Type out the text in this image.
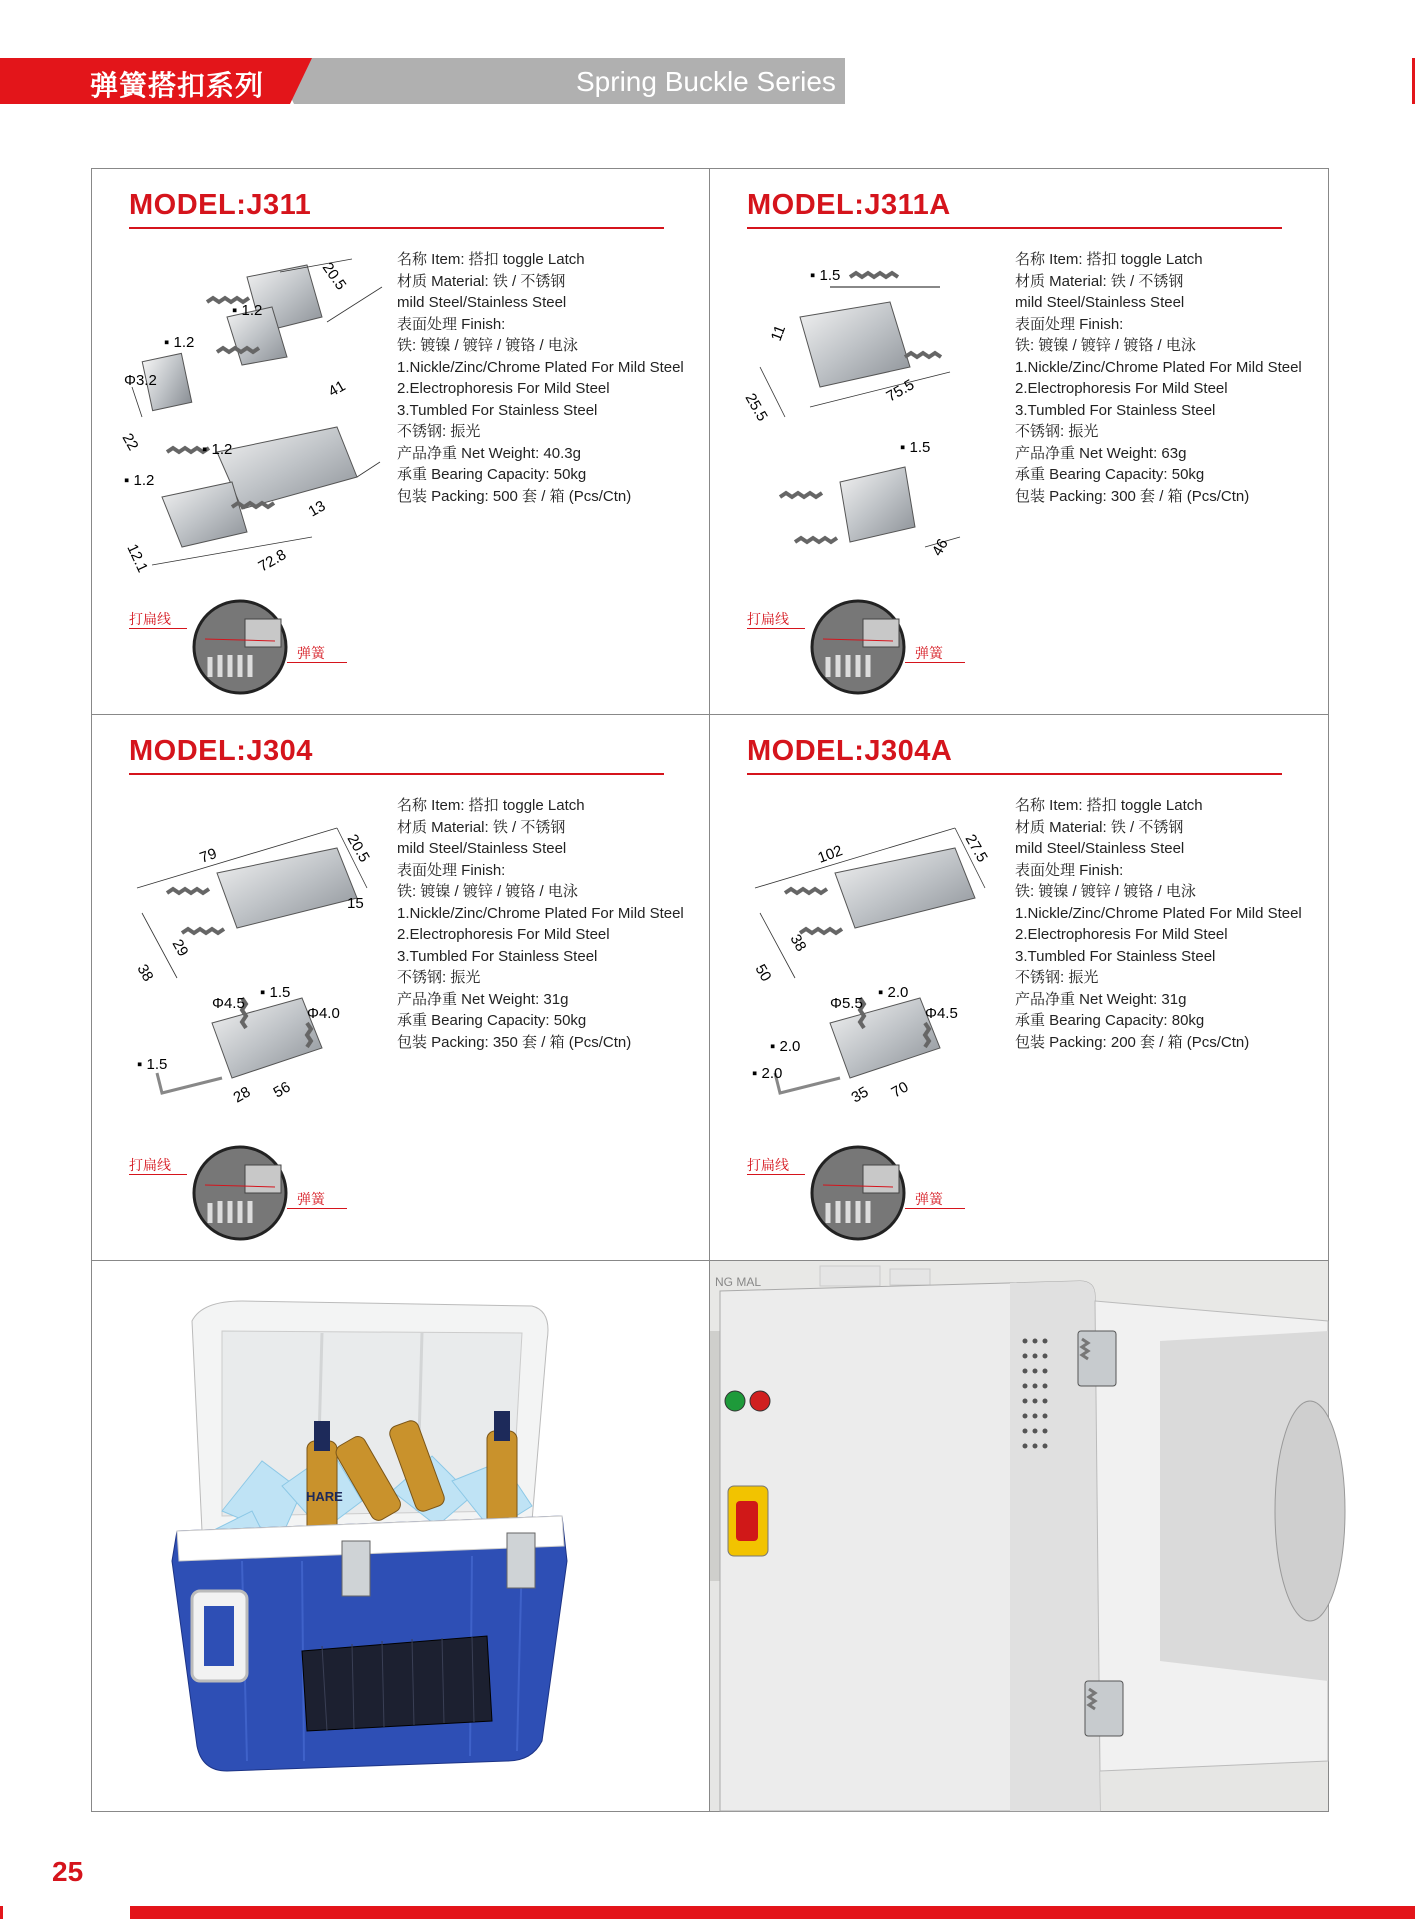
Spring Buckle Series
弹簧搭扣系列
MODEL:J311
▪ 1.2
20.5
▪ 1.2
Φ3.2	41
22	▪ 1.2
▪ 1.2
13
12.1	72.8
名称 Item: 搭扣 toggle Latch
材质 Material: 铁 / 不锈钢
mild Steel/Stainless Steel
表面处理 Finish:
铁: 镀镍 / 镀锌 / 镀铬 / 电泳
1.Nickle/Zinc/Chrome Plated For Mild Steel
2.Electrophoresis For Mild Steel
3.Tumbled For Stainless Steel
不锈钢: 振光
产品净重 Net Weight: 40.3g
承重 Bearing Capacity: 50kg
包装 Packing: 500 套 / 箱 (Pcs/Ctn)
打扁线
弹簧
MODEL:J311A
▪ 1.5
11
25.5	75.5
▪ 1.5
46
名称 Item: 搭扣 toggle Latch
材质 Material: 铁 / 不锈钢
mild Steel/Stainless Steel
表面处理 Finish:
铁: 镀镍 / 镀锌 / 镀铬 / 电泳
1.Nickle/Zinc/Chrome Plated For Mild Steel
2.Electrophoresis For Mild Steel
3.Tumbled For Stainless Steel
不锈钢: 振光
产品净重 Net Weight: 63g
承重 Bearing Capacity: 50kg
包装 Packing: 300 套 / 箱 (Pcs/Ctn)
打扁线
弹簧
MODEL:J304
79	20.5
15
38
29
Φ4.5
▪ 1.5
Φ4.0
▪ 1.5
28 56
名称 Item: 搭扣 toggle Latch
材质 Material: 铁 / 不锈钢
mild Steel/Stainless Steel
表面处理 Finish:
铁: 镀镍 / 镀锌 / 镀铬 / 电泳
1.Nickle/Zinc/Chrome Plated For Mild Steel
2.Electrophoresis For Mild Steel
3.Tumbled For Stainless Steel
不锈钢: 振光
产品净重 Net Weight: 31g
承重 Bearing Capacity: 50kg
包装 Packing: 350 套 / 箱 (Pcs/Ctn)
打扁线
弹簧
MODEL:J304A
102	27.5
50
38
Φ5.5
▪ 2.0
Φ4.5
▪ 2.0
▪ 2.0
35 70
名称 Item: 搭扣 toggle Latch
材质 Material: 铁 / 不锈钢
mild Steel/Stainless Steel
表面处理 Finish:
铁: 镀镍 / 镀锌 / 镀铬 / 电泳
1.Nickle/Zinc/Chrome Plated For Mild Steel
2.Electrophoresis For Mild Steel
3.Tumbled For Stainless Steel
不锈钢: 振光
产品净重 Net Weight: 31g
承重 Bearing Capacity: 80kg
包装 Packing: 200 套 / 箱 (Pcs/Ctn)
打扁线
弹簧
HARE
NG MAL
25
